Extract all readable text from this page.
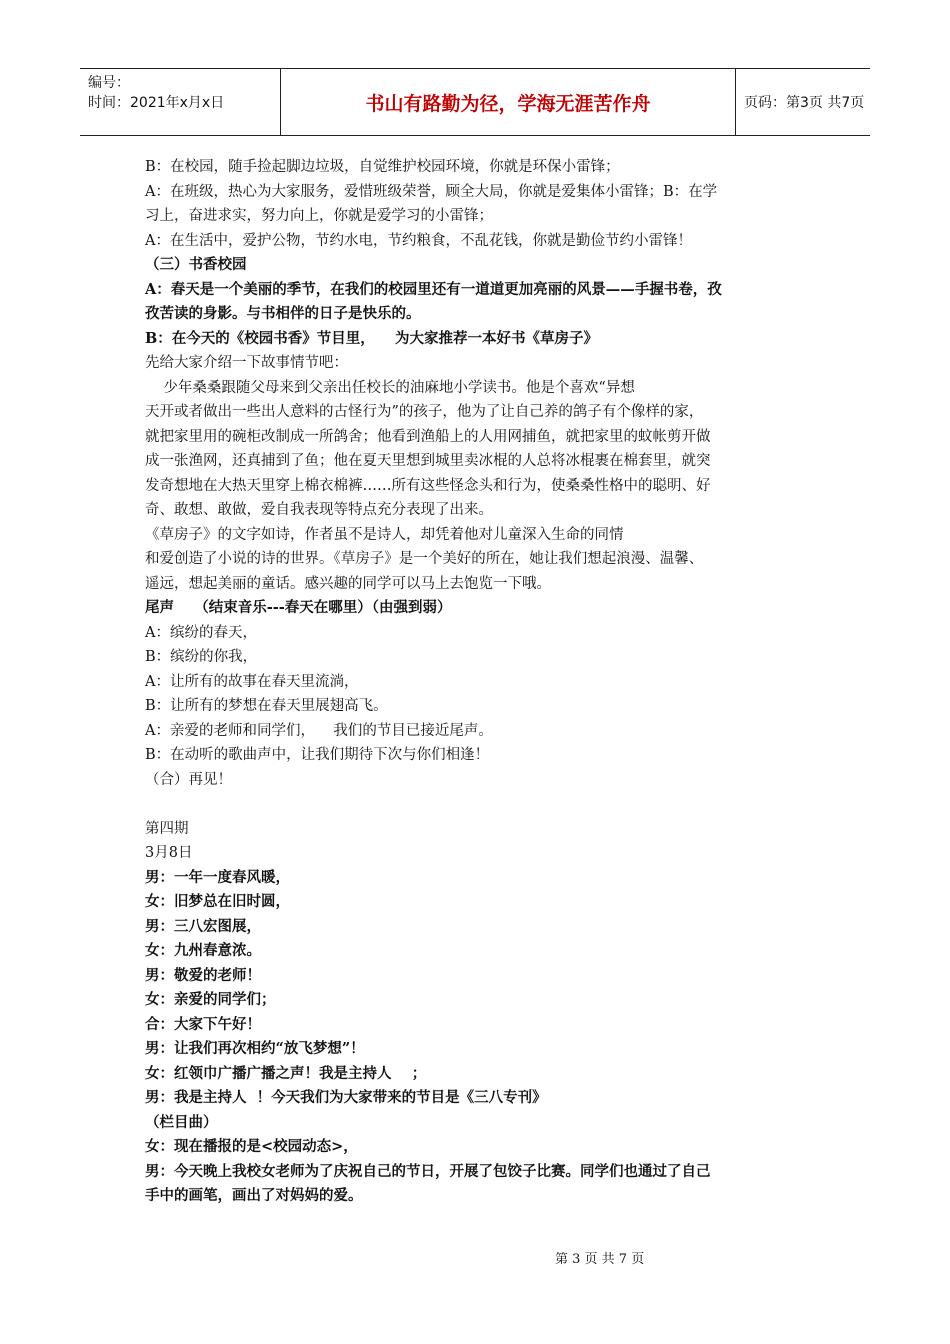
编号：
时间：2021年x月x日	书山有路勤为径，学海无涯苦作舟	页码：第3页 共7页
B：在校园，随手捡起脚边垃圾，自觉维护校园环境，你就是环保小雷锋；
A：在班级，热心为大家服务，爱惜班级荣誉，顾全大局，你就是爱集体小雷锋；B：在学
习上，奋进求实，努力向上，你就是爱学习的小雷锋；
A：在生活中，爱护公物，节约水电，节约粮食，不乱花钱，你就是勤俭节约小雷锋！
（三）书香校园
A：春天是一个美丽的季节，在我们的校园里还有一道道更加亮丽的风景——手握书卷，孜
孜苦读的身影。与书相伴的日子是快乐的。
B：在今天的《校园书香》节目里，    为大家推荐一本好书《草房子》
先给大家介绍一下故事情节吧：
少年桑桑跟随父母来到父亲出任校长的油麻地小学读书。他是个喜欢“异想
天开或者做出一些出人意料的古怪行为”的孩子，他为了让自己养的鸽子有个像样的家，
就把家里用的碗柜改制成一所鸽舍；他看到渔船上的人用网捕鱼，就把家里的蚊帐剪开做
成一张渔网，还真捕到了鱼；他在夏天里想到城里卖冰棍的人总将冰棍裹在棉套里，就突
发奇想地在大热天里穿上棉衣棉裤……所有这些怪念头和行为，使桑桑性格中的聪明、好
奇、敢想、敢做，爱自我表现等特点充分表现了出来。
《草房子》的文字如诗，作者虽不是诗人，却凭着他对儿童深入生命的同情
和爱创造了小说的诗的世界。《草房子》是一个美好的所在，她让我们想起浪漫、温馨、
遥远，想起美丽的童话。感兴趣的同学可以马上去饱览一下哦。
尾声    （结束音乐---春天在哪里）（由强到弱）
A：缤纷的春天，
B：缤纷的你我，
A：让所有的故事在春天里流淌，
B：让所有的梦想在春天里展翅高飞。
A：亲爱的老师和同学们，    我们的节目已接近尾声。
B：在动听的歌曲声中，让我们期待下次与你们相逢！
（合）再见！
第四期
3月8日
男：一年一度春风暖，
女：旧梦总在旧时圆，
男：三八宏图展，
女：九州春意浓。
男：敬爱的老师！
女：亲爱的同学们；
合：大家下午好！
男：让我们再次相约“放飞梦想”！
女：红领巾广播广播之声！我是主持人    ；
男：我是主持人  ！今天我们为大家带来的节目是《三八专刊》
（栏目曲）
女：现在播报的是<校园动态>，
男：今天晚上我校女老师为了庆祝自己的节日，开展了包饺子比赛。同学们也通过了自己
手中的画笔，画出了对妈妈的爱。
第 3 页 共 7 页
